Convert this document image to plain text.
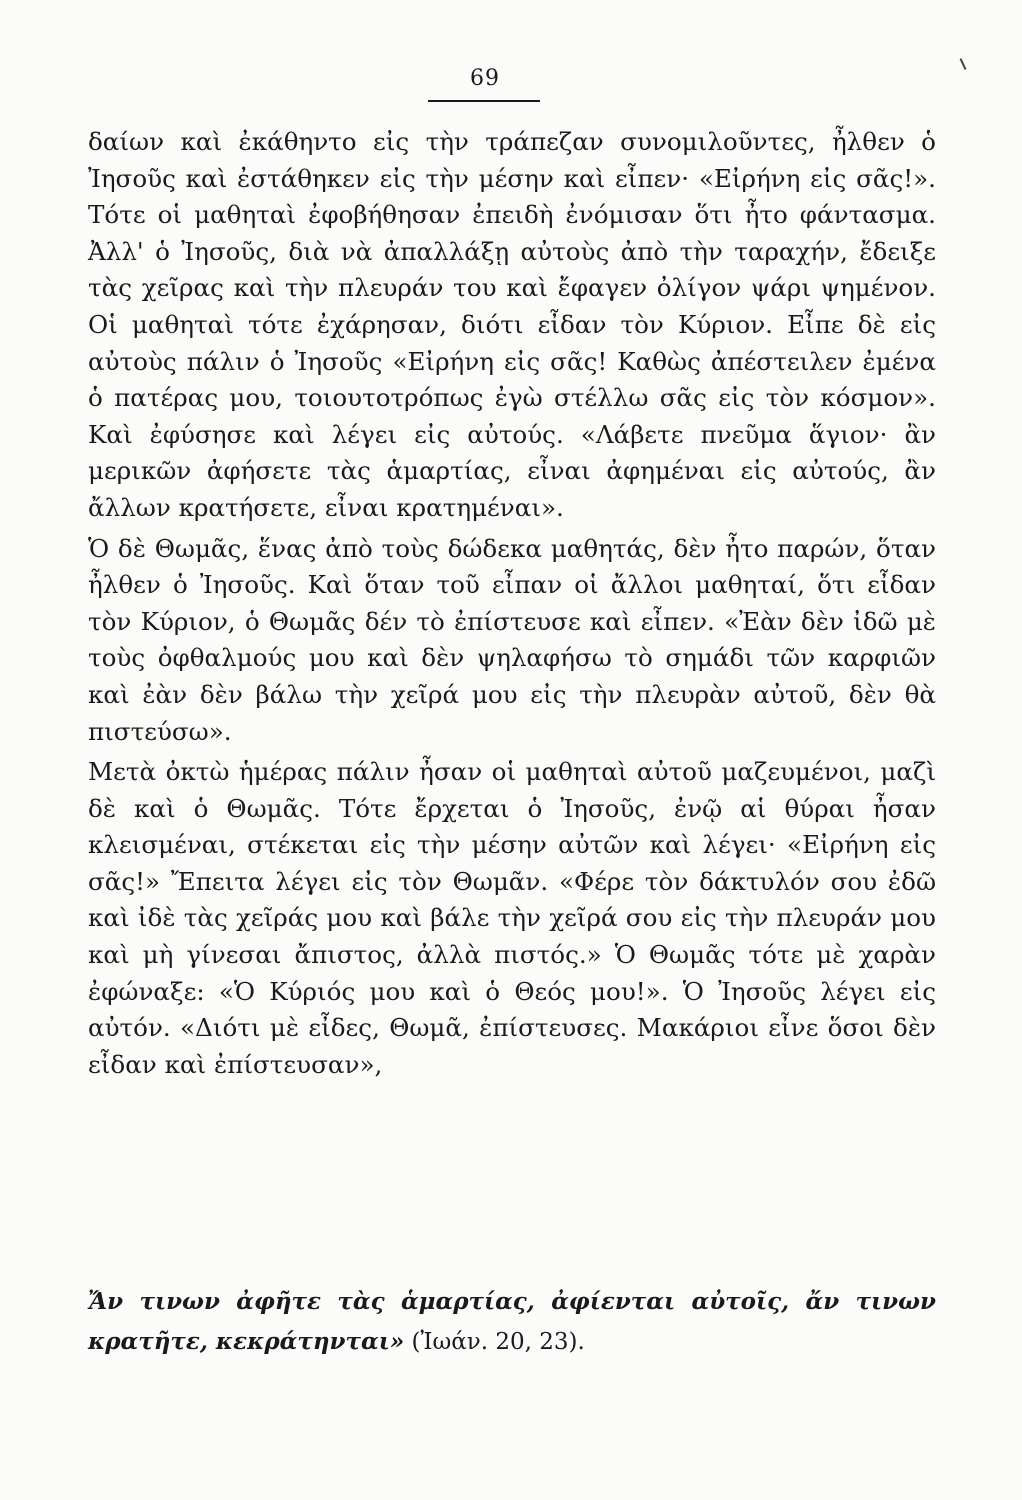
69

δαίων καὶ ἐκάθηντο εἰς τὴν τράπεζαν συνομιλοῦντες, ἦλθεν ὁ Ἰησοῦς καὶ ἐστάθηκεν εἰς τὴν μέσην καὶ εἶπεν· «Εἰρήνη εἰς σᾶς!». Τότε οἱ μαθηταὶ ἐφοβήθησαν ἐπειδὴ ἐνόμισαν ὅτι ἦτο φάντασμα. Ἀλλ' ὁ Ἰησοῦς, διὰ νὰ ἀπαλλάξῃ αὐτοὺς ἀπὸ τὴν ταραχήν, ἔδειξε τὰς χεῖρας καὶ τὴν πλευράν του καὶ ἔφαγεν ὀλίγον ψάρι ψημένον. Οἱ μαθηταὶ τότε ἐχάρησαν, διότι εἶδαν τὸν Κύριον. Εἶπε δὲ εἰς αὐτοὺς πάλιν ὁ Ἰησοῦς «Εἰρήνη εἰς σᾶς! Καθὼς ἀπέστειλεν ἐμένα ὁ πατέρας μου, τοιουτοτρόπως ἐγὼ στέλλω σᾶς εἰς τὸν κόσμον». Καὶ ἐφύσησε καὶ λέγει εἰς αὐτούς. «Λάβετε πνεῦμα ἅγιον· ἂν μερικῶν ἀφήσετε τὰς ἁμαρτίας, εἶναι ἀφημέναι εἰς αὐτούς, ἂν ἄλλων κρατήσετε, εἶναι κρατημέναι».

Ὁ δὲ Θωμᾶς, ἕνας ἀπὸ τοὺς δώδεκα μαθητάς, δὲν ἦτο παρών, ὅταν ἦλθεν ὁ Ἰησοῦς. Καὶ ὅταν τοῦ εἶπαν οἱ ἄλλοι μαθηταί, ὅτι εἶδαν τὸν Κύριον, ὁ Θωμᾶς δέν τὸ ἐπίστευσε καὶ εἶπεν. «Ἐὰν δὲν ἰδῶ μὲ τοὺς ὀφθαλμούς μου καὶ δὲν ψηλαφήσω τὸ σημάδι τῶν καρφιῶν καὶ ἐὰν δὲν βάλω τὴν χεῖρά μου εἰς τὴν πλευρὰν αὐτοῦ, δὲν θὰ πιστεύσω».

Μετὰ ὀκτὼ ἡμέρας πάλιν ἦσαν οἱ μαθηταὶ αὐτοῦ μαζευμένοι, μαζὶ δὲ καὶ ὁ Θωμᾶς. Τότε ἔρχεται ὁ Ἰησοῦς, ἐνῷ αἱ θύραι ἦσαν κλεισμέναι, στέκεται εἰς τὴν μέσην αὐτῶν καὶ λέγει· «Εἰρήνη εἰς σᾶς!» Ἔπειτα λέγει εἰς τὸν Θωμᾶν. «Φέρε τὸν δάκτυλόν σου ἐδῶ καὶ ἰδὲ τὰς χεῖράς μου καὶ βάλε τὴν χεῖρά σου εἰς τὴν πλευράν μου καὶ μὴ γίνεσαι ἄπιστος, ἀλλὰ πιστός.» Ὁ Θωμᾶς τότε μὲ χαρὰν ἐφώναξε: «Ὁ Κύριός μου καὶ ὁ Θεός μου!». Ὁ Ἰησοῦς λέγει εἰς αὐτόν. «Διότι μὲ εἶδες, Θωμᾶ, ἐπίστευσες. Μακάριοι εἶνε ὅσοι δὲν εἶδαν καὶ ἐπίστευσαν»,

Ἄν τινων ἀφῆτε τὰς ἁμαρτίας, ἀφίενται αὐτοῖς, ἄν τινων κρατῆτε, κεκράτηνται» (Ἰωάν. 20, 23).
